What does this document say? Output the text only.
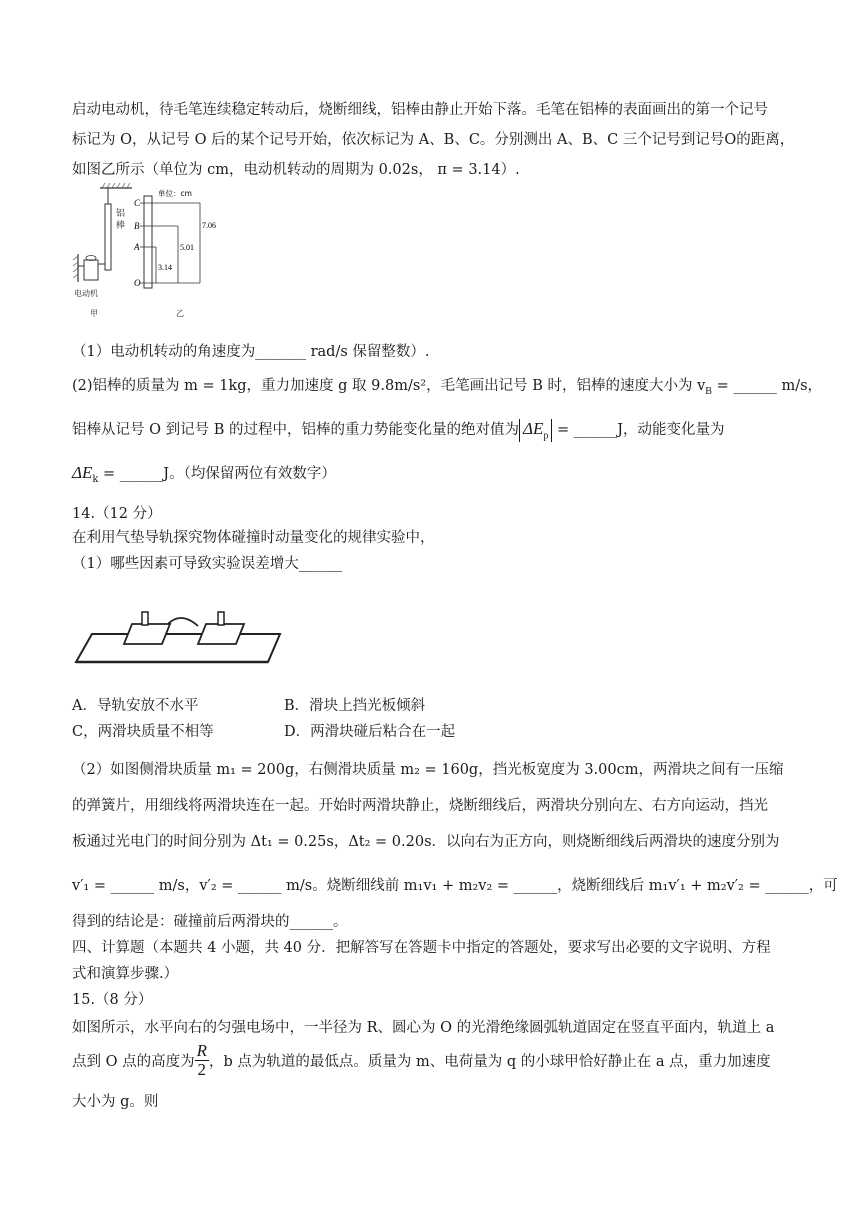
启动电动机，待毛笔连续稳定转动后，烧断细线，铝棒由静止开始下落。毛笔在铝棒的表面画出的第一个记号
标记为 O，从记号 O 后的某个记号开始，依次标记为 A、B、C。分别测出 A、B、C 三个记号到记号O的距离，
如图乙所示（单位为 cm，电动机转动的周期为 0.02s， π = 3.14）.
铝
棒
电动机
甲
C
B
A
O
单位：cm
7.06
5.01
3.14
乙
（1）电动机转动的角速度为_______ rad/s 保留整数）.
(2)铝棒的质量为 m = 1kg，重力加速度 g 取 9.8m/s²，毛笔画出记号 B 时，铝棒的速度大小为 $v_B$ = ______ m/s，
铝棒从记号 O 到记号 B 的过程中，铝棒的重力势能变化量的绝对值为 $\Delta E_p$ = ______J，动能变化量为
$\Delta E_k$ = ______J。（均保留两位有效数字）
14.（12 分）
在利用气垫导轨探究物体碰撞时动量变化的规律实验中，
（1）哪些因素可导致实验误差增大______
A．导轨安放不水平	B．滑块上挡光板倾斜
C，两滑块质量不相等	D．两滑块碰后粘合在一起
（2）如图侧滑块质量 m₁ = 200g，右侧滑块质量 m₂ = 160g，挡光板宽度为 3.00cm，两滑块之间有一压缩
的弹簧片，用细线将两滑块连在一起。开始时两滑块静止，烧断细线后，两滑块分别向左、右方向运动，挡光
板通过光电门的时间分别为 Δt₁ = 0.25s，Δt₂ = 0.20s．以向右为正方向，则烧断细线后两滑块的速度分别为
v′₁ = ______ m/s，v′₂ = ______ m/s。烧断细线前 m₁v₁ + m₂v₂ = ______，烧断细线后 m₁v′₁ + m₂v′₂ = ______，可
得到的结论是：碰撞前后两滑块的______。
四、计算题（本题共 4 小题，共 40 分．把解答写在答题卡中指定的答题处，要求写出必要的文字说明、方程
式和演算步骤.）
15.（8 分）
如图所示，水平向右的匀强电场中，一半径为 R、圆心为 O 的光滑绝缘圆弧轨道固定在竖直平面内，轨道上 a
点到 O 点的高度为 $\frac{R}{2}$ ，b 点为轨道的最低点。质量为 m、电荷量为 q 的小球甲恰好静止在 a 点，重力加速度
大小为 g。则
